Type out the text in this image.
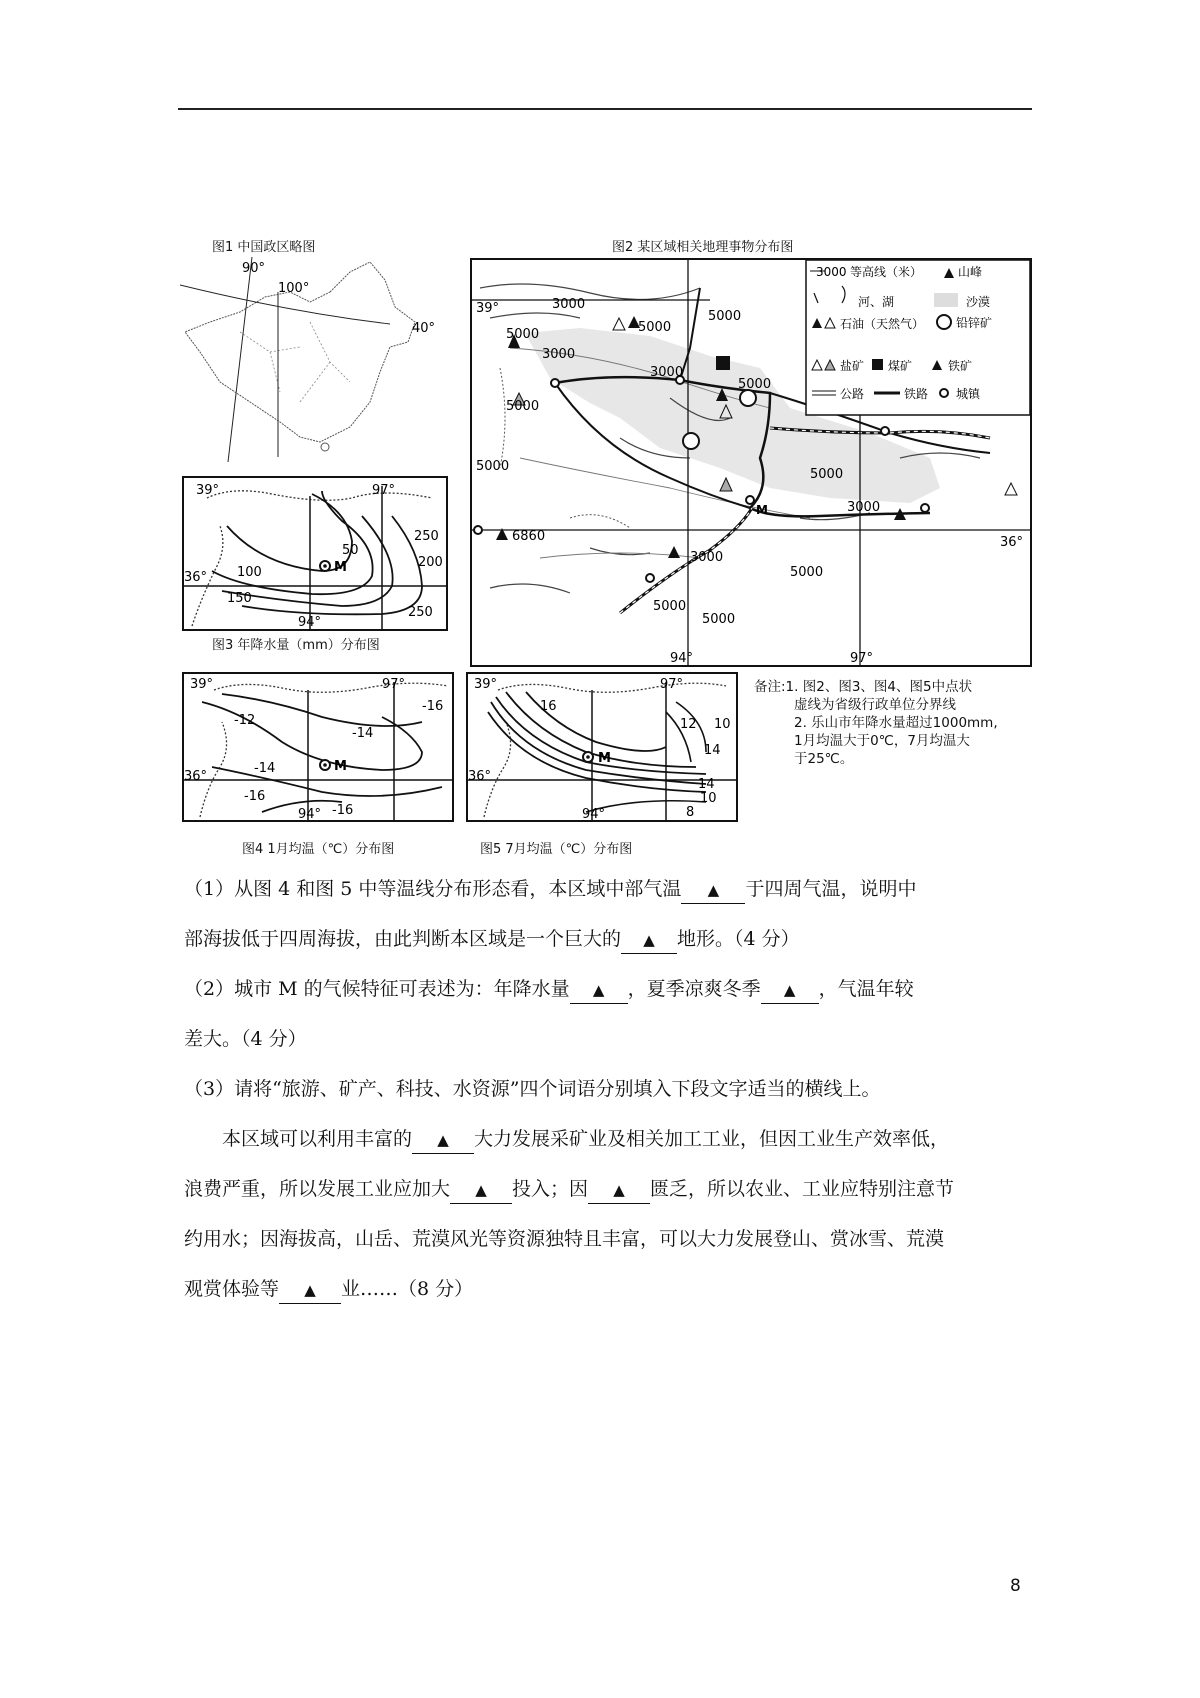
图1 中国政区略图
90°
100°
40°
图2 某区域相关地理事物分布图
3000
5000
3000
5000
3000
5000
5000
5000
5000
3000
5000
3000
5000
5000
5000
6860
39°
36°
94°	97°
M
3000 等高线（米）	山峰
河、湖	沙漠
石油（天然气）	铅锌矿
盐矿 煤矿	铁矿
公路	铁路 城镇
M
39°
36°
94°
97°
50
100
150
200
250
250
图3 年降水量（mm）分布图
M
39°
36°
94°
97°
-12
-14
-14
-16
-16
-16
图4 1月均温（℃）分布图
M
39°
36°
94°
97°
16
12 10
14
14
10
8
图5 7月均温（℃）分布图
备注:1. 图2、图3、图4、图5中点状
虚线为省级行政单位分界线
2. 乐山市年降水量超过1000mm,
1月均温大于0℃，7月均温大
于25℃。
（1）从图 4 和图 5 中等温线分布形态看，本区域中部气温 ▲ 于四周气温，说明中
部海拔低于四周海拔，由此判断本区域是一个巨大的 ▲ 地形。（4 分）
（2）城市 M 的气候特征可表述为：年降水量 ▲ ，夏季凉爽冬季 ▲ ，气温年较
差大。（4 分）
（3）请将“旅游、矿产、科技、水资源”四个词语分别填入下段文字适当的横线上。
本区域可以利用丰富的 ▲ 大力发展采矿业及相关加工工业，但因工业生产效率低，
浪费严重，所以发展工业应加大 ▲ 投入；因 ▲ 匮乏，所以农业、工业应特别注意节
约用水；因海拔高，山岳、荒漠风光等资源独特且丰富，可以大力发展登山、赏冰雪、荒漠
观赏体验等 ▲ 业……（8 分）
8
